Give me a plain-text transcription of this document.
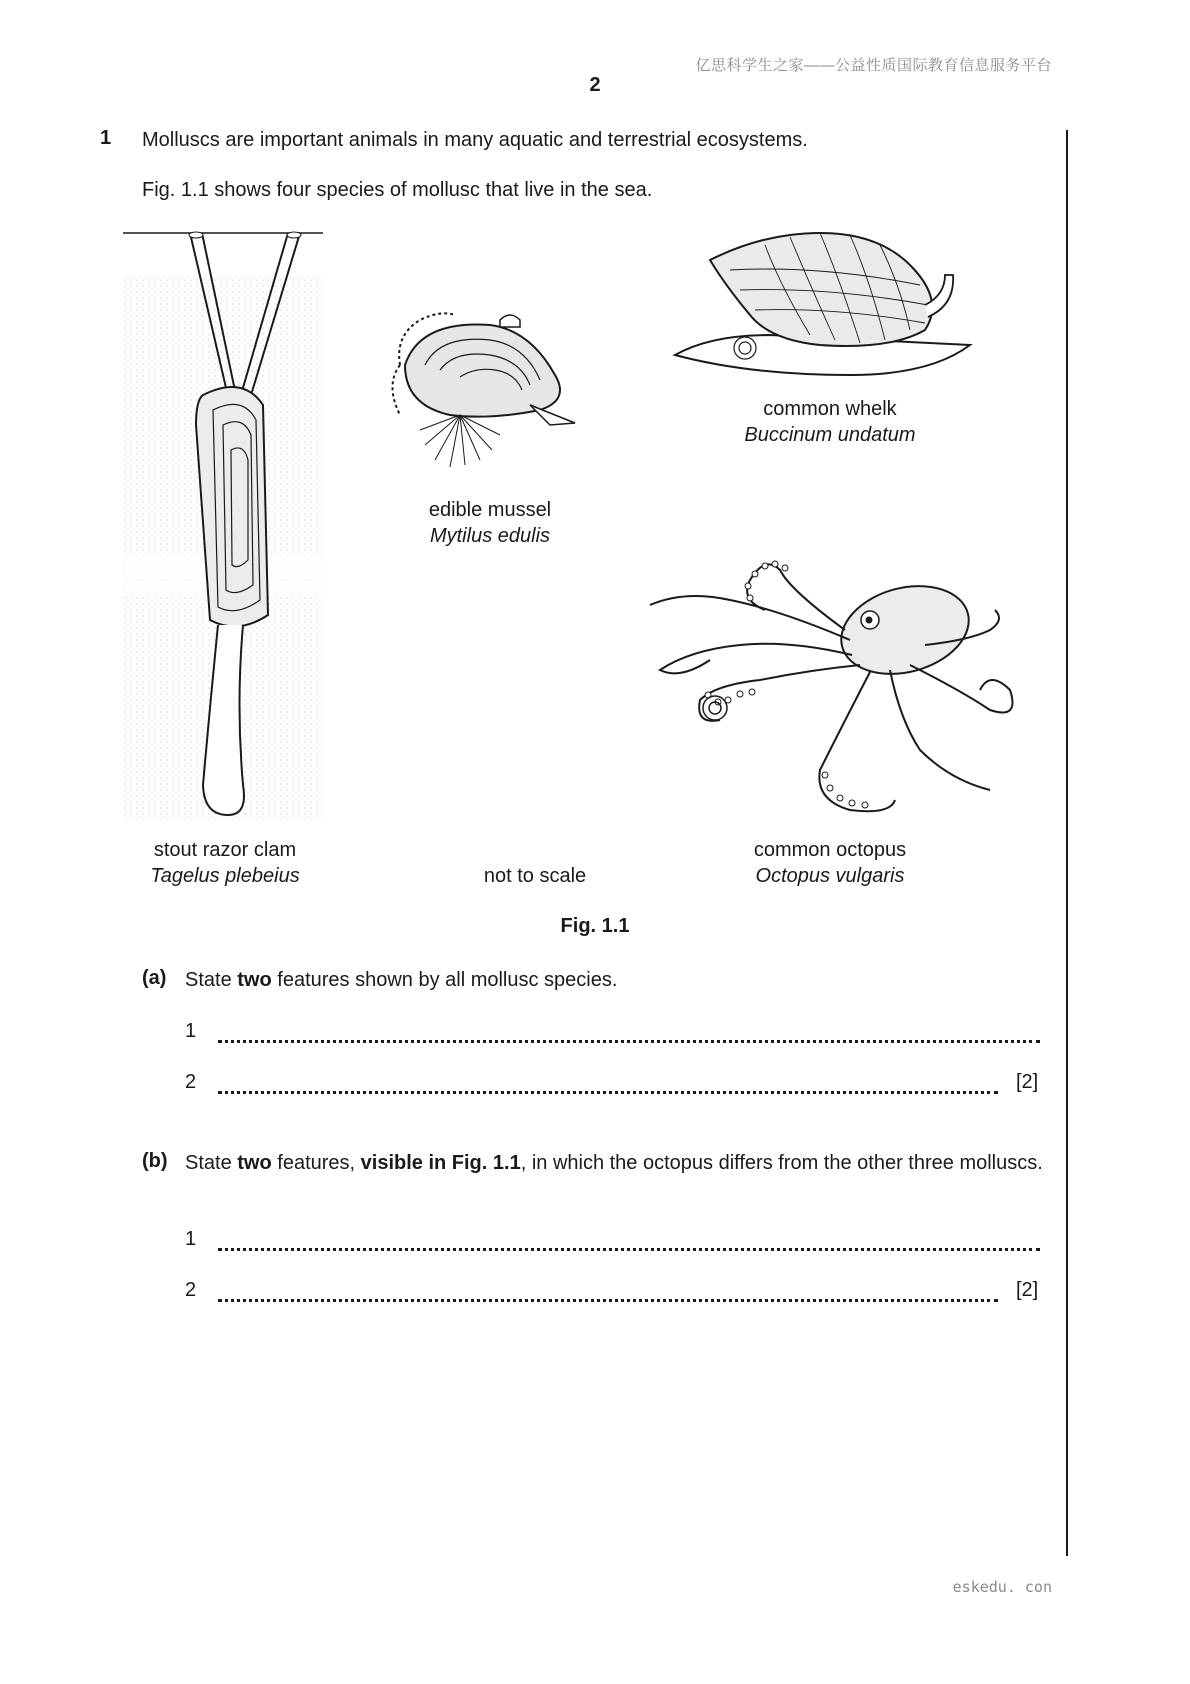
亿思科学生之家——公益性质国际教育信息服务平台
2
1 Molluscs are important animals in many aquatic and terrestrial ecosystems.
Fig. 1.1 shows four species of mollusc that live in the sea.
common whelk
Buccinum undatum
edible mussel
Mytilus edulis
stout razor clam
Tagelus plebeius	not to scale
common octopus
Octopus vulgaris
Fig. 1.1
(a) State two features shown by all mollusc species.
1
2	[2]
(b) State two features, visible in Fig. 1.1, in which the octopus differs from the other three molluscs.
1
2	[2]
eskedu. con
